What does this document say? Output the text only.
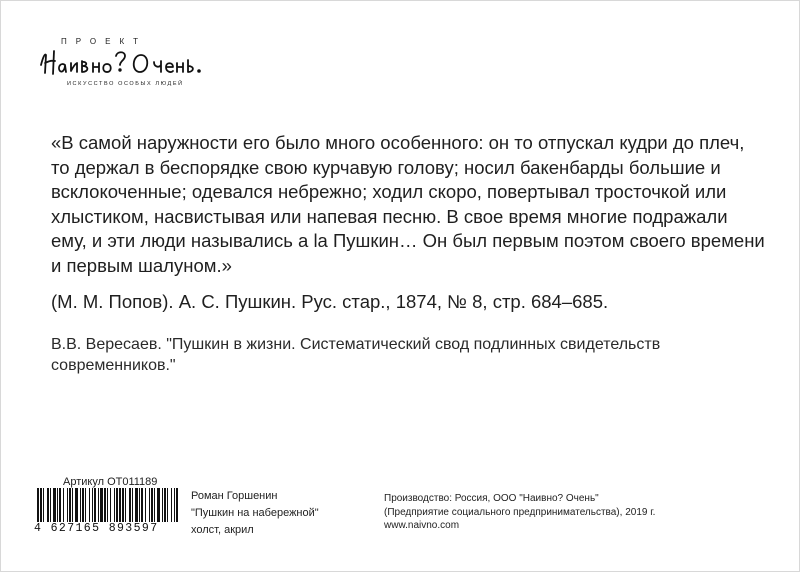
ПРОЕКТ
ИСКУССТВО ОСОБЫХ ЛЮДЕЙ
«В самой наружности его было много особенного: он то отпускал кудри до плеч, то держал в беспорядке свою курчавую голову; носил бакенбарды большие и всклокоченные; одевался небрежно; ходил скоро, повертывал тросточкой или хлыстиком, насвистывая или напевая песню. В свое время многие подражали ему, и эти люди назывались a la Пушкин… Он был первым поэтом своего времени и первым шалуном.»
(М. М. Попов). А. С. Пушкин. Рус. стар., 1874, № 8, стр. 684–685.
В.В. Вересаев. "Пушкин в жизни. Систематический свод подлинных свидетельств современников."
Артикул OT011189
4 627165 893597
Роман Горшенин
"Пушкин на набережной"
холст, акрил
Производство: Россия, ООО "Наивно? Очень"
(Предприятие социального предпринимательства), 2019 г.
www.naivno.com
